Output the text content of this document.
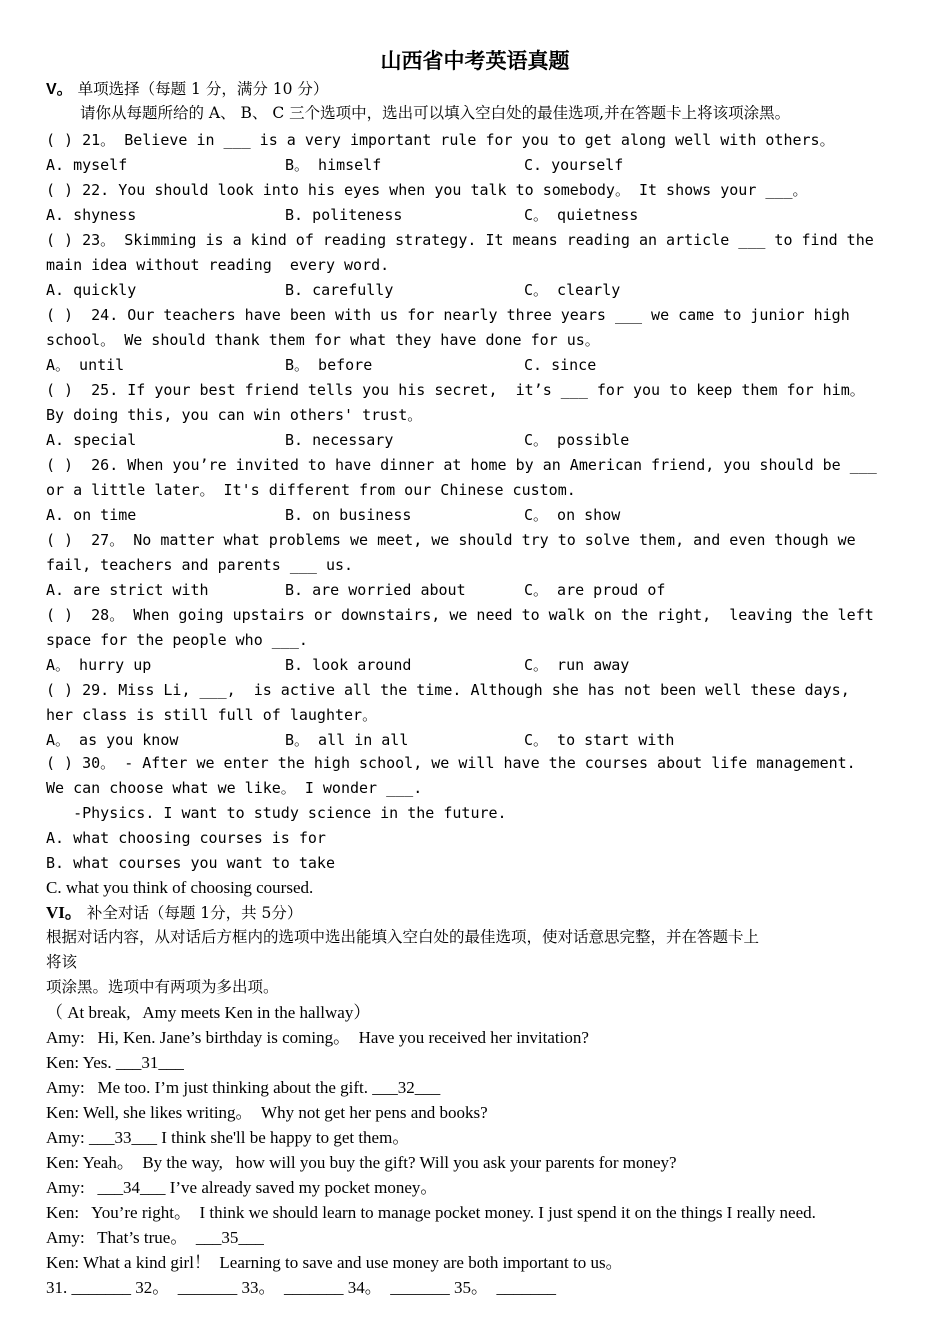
山西省中考英语真题
V。 单项选择（每题 1 分，满分 10 分）
请你从每题所给的 A、 B、 C 三个选项中，选出可以填入空白处的最佳选项,并在答题卡上将该项涂黑。
( ) 21。 Believe in ___ is a very important rule for you to get along well with others。
A. myself	B。 himself	C. yourself
( ) 22. You should look into his eyes when you talk to somebody。 It shows your ___。
A. shyness	B. politeness	C。 quietness
( ) 23。 Skimming is a kind of reading strategy. It means reading an article ___ to find the
main idea without reading  every word.
A. quickly	B. carefully	C。 clearly
( )  24. Our teachers have been with us for nearly three years ___ we came to junior high
school。 We should thank them for what they have done for us。
A。 until	B。 before	C. since
( )  25. If your best friend tells you his secret,  it’s ___ for you to keep them for him。
By doing this, you can win others' trust。
A. special	B. necessary	C。 possible
( )  26. When you’re invited to have dinner at home by an American friend, you should be ___
or a little later。 It's different from our Chinese custom.
A. on time	B. on business	C。 on show
( )  27。 No matter what problems we meet, we should try to solve them, and even though we
fail, teachers and parents ___ us.
A. are strict with	B. are worried about	C。 are proud of
( )  28。 When going upstairs or downstairs, we need to walk on the right,  leaving the left
space for the people who ___.
A。 hurry up	B. look around	C。 run away
( ) 29. Miss Li, ___,  is active all the time. Although she has not been well these days,
her class is still full of laughter。
A。 as you know	B。 all in all	C。 to start with
( ) 30。 - After we enter the high school, we will have the courses about life management.
We can choose what we like。 I wonder ___.
-Physics. I want to study science in the future.
A. what choosing courses is for
B. what courses you want to take
C. what you think of choosing coursed.
VI。 补全对话（每题 1分，共 5分）
根据对话内容，从对话后方框内的选项中选出能填入空白处的最佳选项，使对话意思完整，并在答题卡上
将该
项涂黑。选项中有两项为多出项。
（ At break,   Amy meets Ken in the hallway）
Amy:   Hi, Ken. Jane’s birthday is coming。  Have you received her invitation?
Ken: Yes. ___31___
Amy:   Me too. I’m just thinking about the gift. ___32___
Ken: Well, she likes writing。  Why not get her pens and books?
Amy: ___33___ I think she'll be happy to get them。
Ken: Yeah。  By the way,   how will you buy the gift? Will you ask your parents for money?
Amy:   ___34___ I’ve already saved my pocket money。
Ken:   You’re right。  I think we should learn to manage pocket money. I just spend it on the things I really need.
Amy:   That’s true。  ___35___
Ken: What a kind girl！  Learning to save and use money are both important to us。
31. _______ 32。  _______ 33。  _______ 34。  _______ 35。  _______
